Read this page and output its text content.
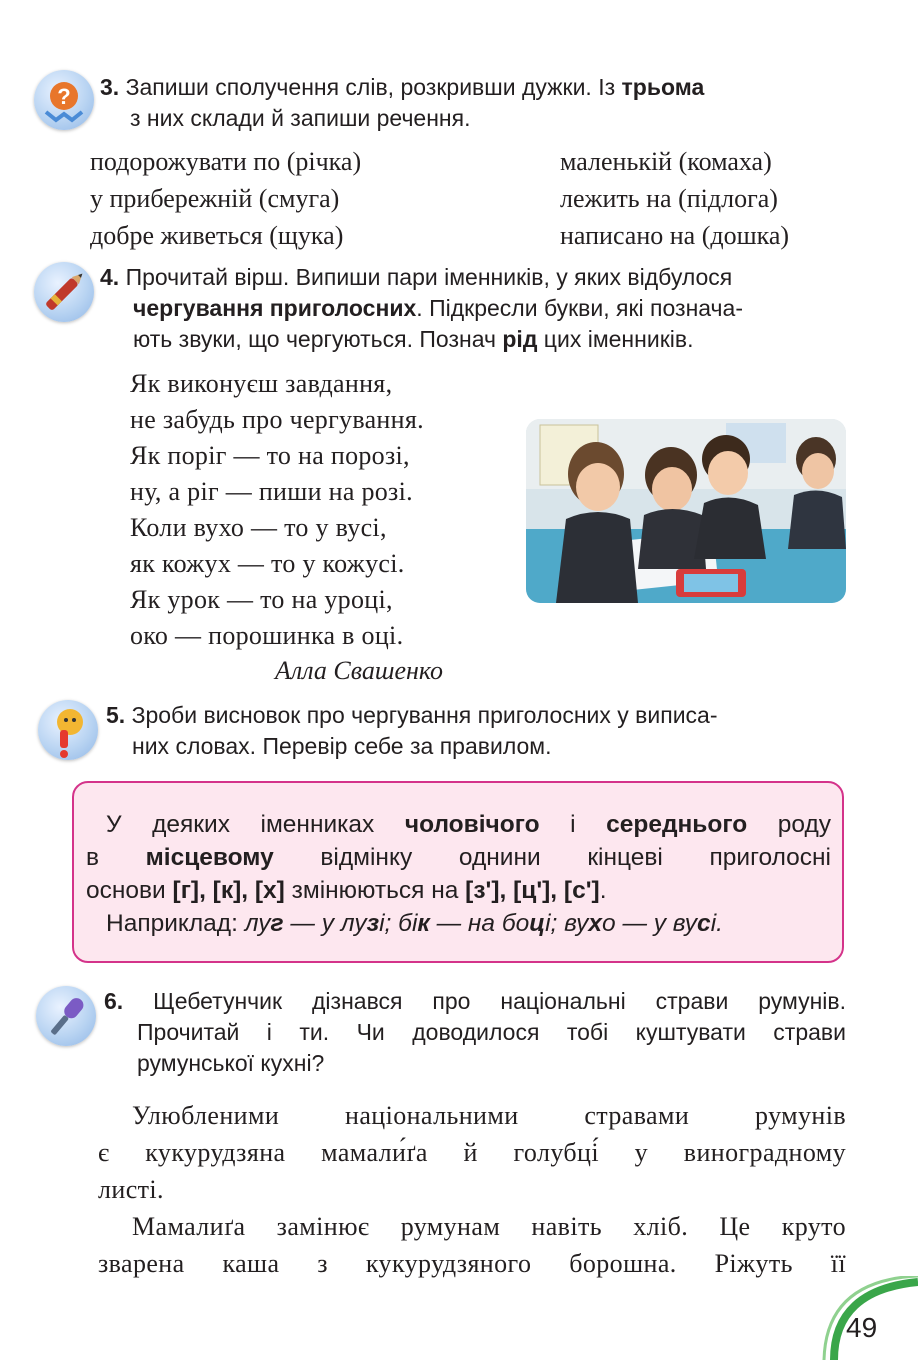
? 3. Запиши сполучення слів, розкривши дужки. Із трьома
з них склади й запиши речення.
подорожувати по (річка)
у прибережній (смуга)
добре живеться (щука)
маленькій (комаха)
лежить на (підлога)
написано на (дошка)
4. Прочитай вірш. Випиши пари іменників, у яких відбулося
чергування приголосних. Підкресли букви, які познача-
ють звуки, що чергуються. Познач рід цих іменників.
Як виконуєш завдання,
не забудь про чергування.
Як поріг — то на порозі,
ну, а ріг — пиши на розі.
Коли вухо — то у вусі,
як кожух — то у кожусі.
Як урок — то на уроці,
око — порошинка в оці.
Алла Свашенко
5. Зроби висновок про чергування приголосних у виписа-
них словах. Перевір себе за правилом.
У деяких іменниках чоловічого і середнього роду
в місцевому відмінку однини кінцеві приголосні
основи [г], [к], [х] змінюються на [з'], [ц'], [с'].
Наприклад: луг — у лузі; бік — на боці; вухо — у вусі.
6. Щебетунчик дізнався про національні страви румунів.
Прочитай і ти. Чи доводилося тобі куштувати страви
румунської кухні?
Улюбленими національними стравами румунів
є кукурудзяна мамали́ґа й голубці́ у виноградному
листі.
Мамалиґа замінює румунам навіть хліб. Це круто
зварена каша з кукурудзяного борошна. Ріжуть її
49
